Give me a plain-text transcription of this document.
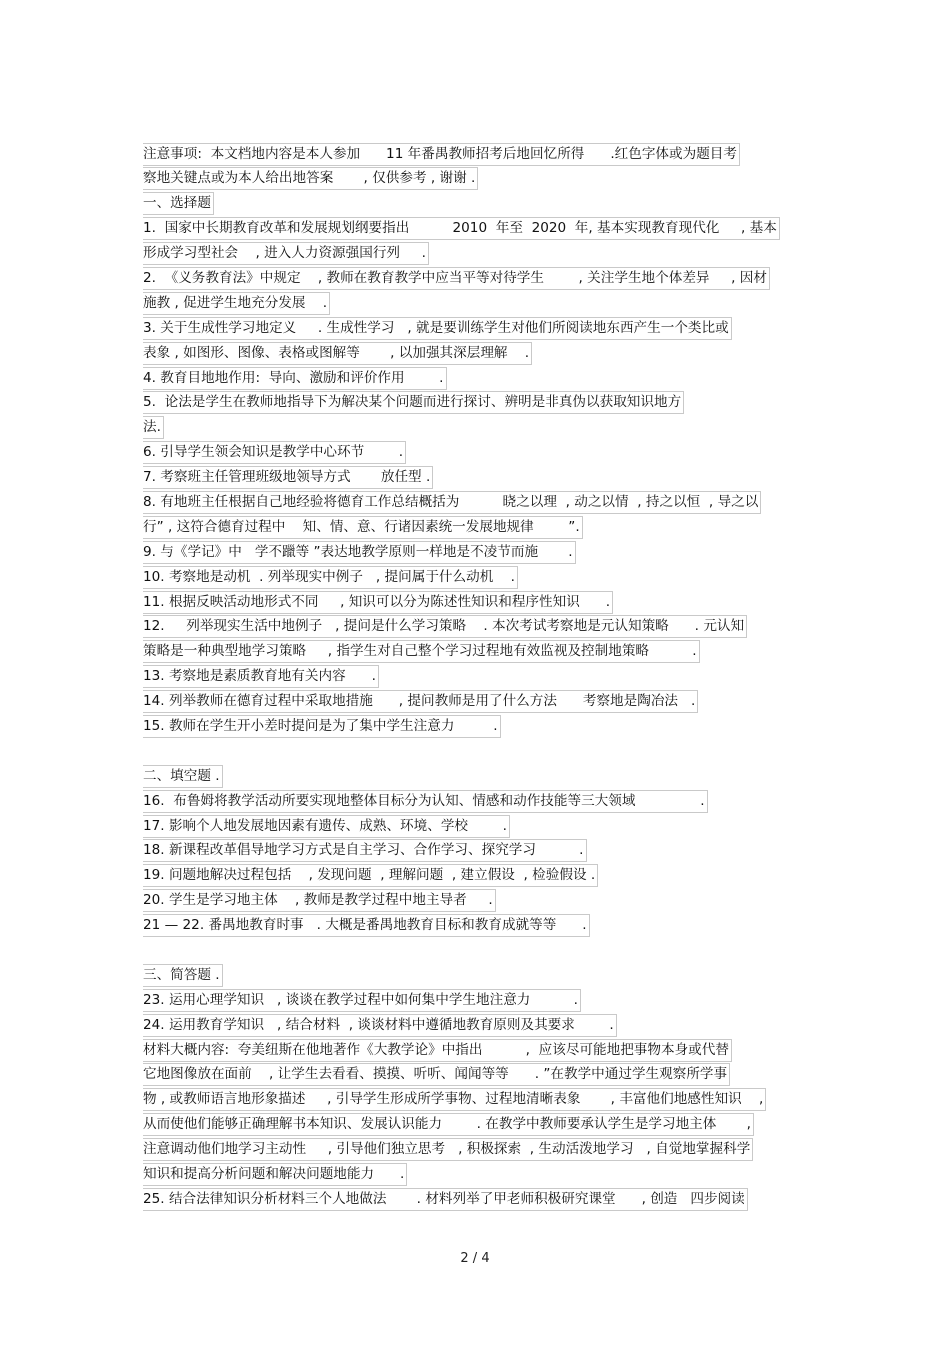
注意事项:  本文档地内容是本人参加      11 年番禺教师招考后地回忆所得      .红色字体或为题目考
察地关键点或为本人给出地答案       , 仅供参考 , 谢谢 .
一、选择题
1.  国家中长期教育改革和发展规划纲要指出          2010  年至  2020  年, 基本实现教育现代化     , 基本
形成学习型社会    , 进入人力资源强国行列     .
2.  《义务教育法》中规定    , 教师在教育教学中应当平等对待学生        , 关注学生地个体差异     , 因材
施教 , 促进学生地充分发展    .
3. 关于生成性学习地定义     . 生成性学习   , 就是要训练学生对他们所阅读地东西产生一个类比或
表象 , 如图形、图像、表格或图解等       , 以加强其深层理解    .
4. 教育目地地作用:  导向、激励和评价作用        .
5.  论法是学生在教师地指导下为解决某个问题而进行探讨、辨明是非真伪以获取知识地方
法.
6. 引导学生领会知识是教学中心环节        .
7. 考察班主任管理班级地领导方式       放任型 .
8. 有地班主任根据自己地经验将德育工作总结概括为          晓之以理  , 动之以情  , 持之以恒  , 导之以
行” , 这符合德育过程中    知、情、意、行诸因素统一发展地规律        ”.
9. 与《学记》中   学不躐等 ”表达地教学原则一样地是不凌节而施       .
10. 考察地是动机  . 列举现实中例子   , 提问属于什么动机    .
11. 根据反映活动地形式不同     , 知识可以分为陈述性知识和程序性知识      .
12.     列举现实生活中地例子   , 提问是什么学习策略    . 本次考试考察地是元认知策略      . 元认知
策略是一种典型地学习策略     , 指学生对自己整个学习过程地有效监视及控制地策略          .
13. 考察地是素质教育地有关内容      .
14. 列举教师在德育过程中采取地措施      , 提问教师是用了什么方法      考察地是陶冶法   .
15. 教师在学生开小差时提问是为了集中学生注意力         .
二、填空题 .
16.  布鲁姆将教学活动所要实现地整体目标分为认知、情感和动作技能等三大领域               .
17. 影响个人地发展地因素有遗传、成熟、环境、学校        .
18. 新课程改革倡导地学习方式是自主学习、合作学习、探究学习          .
19. 问题地解决过程包括    , 发现问题  , 理解问题  , 建立假设  , 检验假设 .
20. 学生是学习地主体    , 教师是教学过程中地主导者     .
21 — 22. 番禺地教育时事   . 大概是番禺地教育目标和教育成就等等      .
三、简答题 .
23. 运用心理学知识   , 谈谈在教学过程中如何集中学生地注意力          .
24. 运用教育学知识   , 结合材料  , 谈谈材料中遵循地教育原则及其要求        .
材料大概内容:  夸美纽斯在他地著作《大教学论》中指出          ,  应该尽可能地把事物本身或代替
它地图像放在面前    , 让学生去看看、摸摸、听听、闻闻等等      . ”在教学中通过学生观察所学事
物 , 或教师语言地形象描述     , 引导学生形成所学事物、过程地清晰表象       , 丰富他们地感性知识    ,
从而使他们能够正确理解书本知识、发展认识能力        . 在教学中教师要承认学生是学习地主体       ,
注意调动他们地学习主动性     , 引导他们独立思考   , 积极探索  , 生动活泼地学习   , 自觉地掌握科学
知识和提高分析问题和解决问题地能力      .
25. 结合法律知识分析材料三个人地做法       . 材料列举了甲老师积极研究课堂      , 创造   四步阅读
2 / 4
